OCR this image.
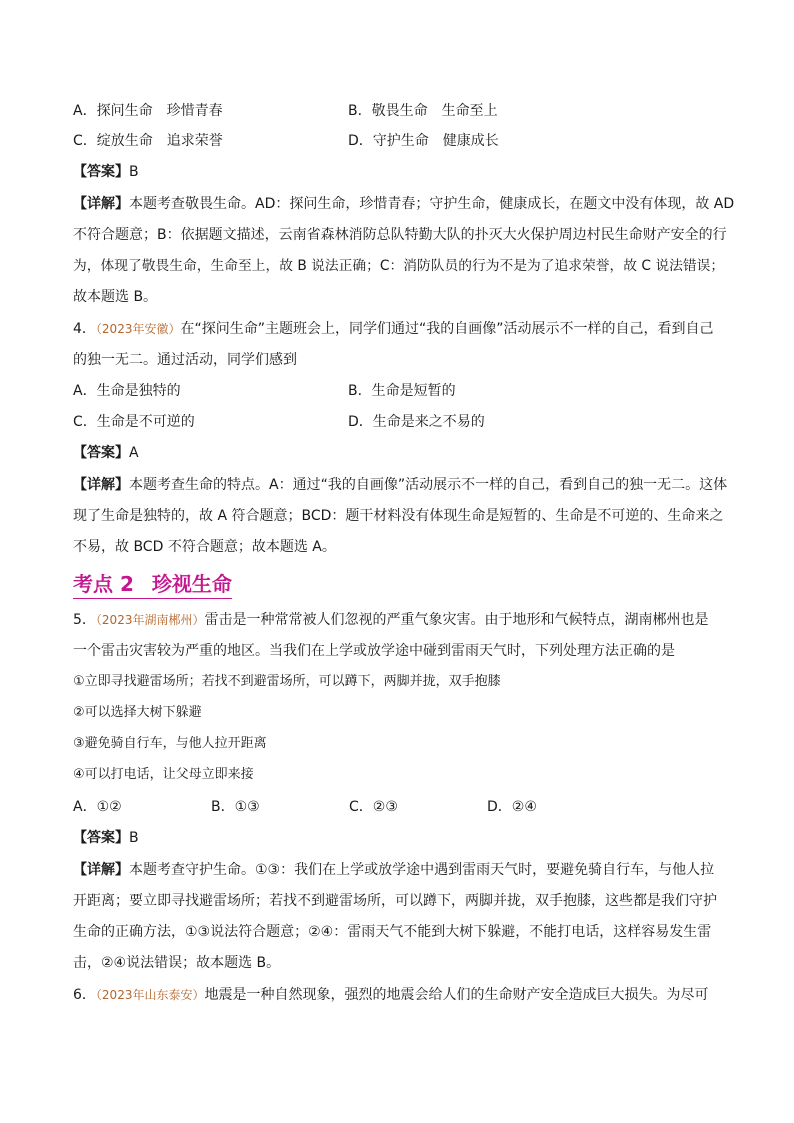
A．探问生命　珍惜青春	B．敬畏生命　生命至上
C．绽放生命　追求荣誉	D．守护生命　健康成长
【答案】B
【详解】本题考查敬畏生命。AD：探问生命，珍惜青春；守护生命，健康成长，在题文中没有体现，故 AD
不符合题意；B：依据题文描述，云南省森林消防总队特勤大队的扑灭大火保护周边村民生命财产安全的行
为，体现了敬畏生命，生命至上，故 B 说法正确；C：消防队员的行为不是为了追求荣誉，故 C 说法错误；
故本题选 B。
4．（2023年安徽）在“探问生命”主题班会上，同学们通过“我的自画像”活动展示不一样的自己，看到自己
的独一无二。通过活动，同学们感到
A．生命是独特的	B．生命是短暂的
C．生命是不可逆的	D．生命是来之不易的
【答案】A
【详解】本题考查生命的特点。A：通过“我的自画像”活动展示不一样的自己，看到自己的独一无二。这体
现了生命是独特的，故 A 符合题意；BCD：题干材料没有体现生命是短暂的、生命是不可逆的、生命来之
不易，故 BCD 不符合题意；故本题选 A。
考点 2 珍视生命
5．（2023年湖南郴州）雷击是一种常常被人们忽视的严重气象灾害。由于地形和气候特点，湖南郴州也是
一个雷击灾害较为严重的地区。当我们在上学或放学途中碰到雷雨天气时，下列处理方法正确的是
①立即寻找避雷场所；若找不到避雷场所，可以蹲下，两脚并拢，双手抱膝
②可以选择大树下躲避
③避免骑自行车，与他人拉开距离
④可以打电话，让父母立即来接
A．①②	B．①③	C．②③	D．②④
【答案】B
【详解】本题考查守护生命。①③：我们在上学或放学途中遇到雷雨天气时，要避免骑自行车，与他人拉
开距离；要立即寻找避雷场所；若找不到避雷场所，可以蹲下，两脚并拢，双手抱膝，这些都是我们守护
生命的正确方法，①③说法符合题意；②④：雷雨天气不能到大树下躲避，不能打电话，这样容易发生雷
击，②④说法错误；故本题选 B。
6．（2023年山东泰安）地震是一种自然现象，强烈的地震会给人们的生命财产安全造成巨大损失。为尽可
